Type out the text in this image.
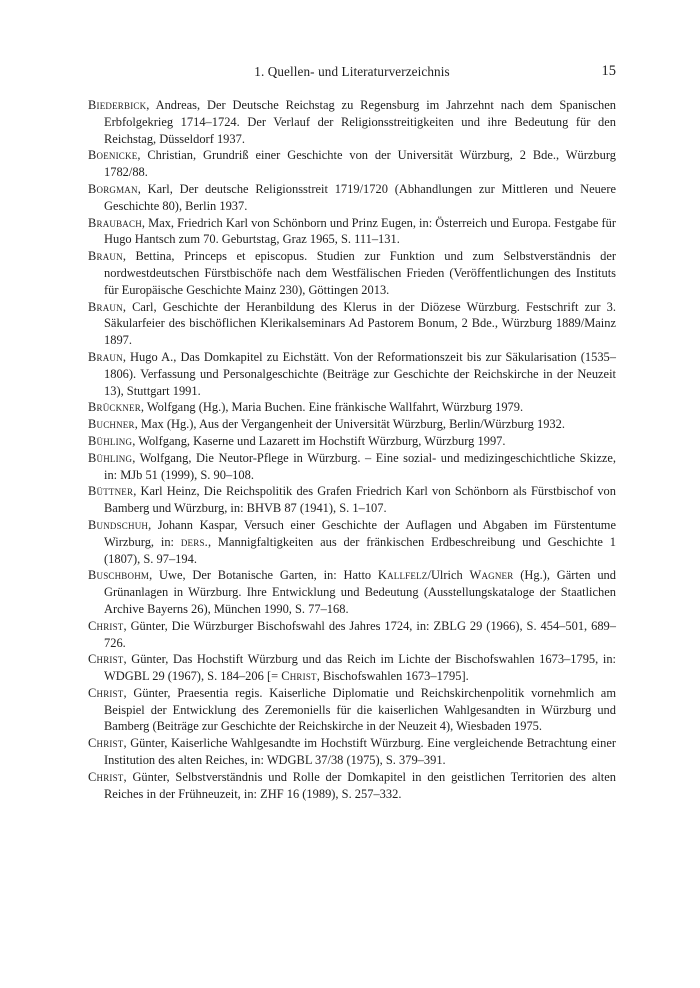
1. Quellen- und Literaturverzeichnis	15

Biederbick, Andreas, Der Deutsche Reichstag zu Regensburg im Jahrzehnt nach dem Spanischen Erbfolgekrieg 1714–1724. Der Verlauf der Religionsstreitigkeiten und ihre Bedeutung für den Reichstag, Düsseldorf 1937.

Boenicke, Christian, Grundriß einer Geschichte von der Universität Würzburg, 2 Bde., Würzburg 1782/88.

Borgman, Karl, Der deutsche Religionsstreit 1719/1720 (Abhandlungen zur Mittleren und Neuere Geschichte 80), Berlin 1937.

Braubach, Max, Friedrich Karl von Schönborn und Prinz Eugen, in: Österreich und Europa. Festgabe für Hugo Hantsch zum 70. Geburtstag, Graz 1965, S. 111–131.

Braun, Bettina, Princeps et episcopus. Studien zur Funktion und zum Selbstverständnis der nordwestdeutschen Fürstbischöfe nach dem Westfälischen Frieden (Veröffentlichungen des Instituts für Europäische Geschichte Mainz 230), Göttingen 2013.

Braun, Carl, Geschichte der Heranbildung des Klerus in der Diözese Würzburg. Festschrift zur 3. Säkularfeier des bischöflichen Klerikalseminars Ad Pastorem Bonum, 2 Bde., Würzburg 1889/Mainz 1897.

Braun, Hugo A., Das Domkapitel zu Eichstätt. Von der Reformationszeit bis zur Säkularisation (1535–1806). Verfassung und Personalgeschichte (Beiträge zur Geschichte der Reichskirche in der Neuzeit 13), Stuttgart 1991.

Brückner, Wolfgang (Hg.), Maria Buchen. Eine fränkische Wallfahrt, Würzburg 1979.

Buchner, Max (Hg.), Aus der Vergangenheit der Universität Würzburg, Berlin/Würzburg 1932.

Bühling, Wolfgang, Kaserne und Lazarett im Hochstift Würzburg, Würzburg 1997.

Bühling, Wolfgang, Die Neutor-Pflege in Würzburg. – Eine sozial- und medizingeschichtliche Skizze, in: MJb 51 (1999), S. 90–108.

Büttner, Karl Heinz, Die Reichspolitik des Grafen Friedrich Karl von Schönborn als Fürstbischof von Bamberg und Würzburg, in: BHVB 87 (1941), S. 1–107.

Bundschuh, Johann Kaspar, Versuch einer Geschichte der Auflagen und Abgaben im Fürstentume Wirzburg, in: ders., Mannigfaltigkeiten aus der fränkischen Erdbeschreibung und Geschichte 1 (1807), S. 97–194.

Buschbohm, Uwe, Der Botanische Garten, in: Hatto Kallfelz/Ulrich Wagner (Hg.), Gärten und Grünanlagen in Würzburg. Ihre Entwicklung und Bedeutung (Ausstellungskataloge der Staatlichen Archive Bayerns 26), München 1990, S. 77–168.

Christ, Günter, Die Würzburger Bischofswahl des Jahres 1724, in: ZBLG 29 (1966), S. 454–501, 689–726.

Christ, Günter, Das Hochstift Würzburg und das Reich im Lichte der Bischofswahlen 1673–1795, in: WDGBL 29 (1967), S. 184–206 [= Christ, Bischofswahlen 1673–1795].

Christ, Günter, Praesentia regis. Kaiserliche Diplomatie und Reichskirchenpolitik vornehmlich am Beispiel der Entwicklung des Zeremoniells für die kaiserlichen Wahlgesandten in Würzburg und Bamberg (Beiträge zur Geschichte der Reichskirche in der Neuzeit 4), Wiesbaden 1975.

Christ, Günter, Kaiserliche Wahlgesandte im Hochstift Würzburg. Eine vergleichende Betrachtung einer Institution des alten Reiches, in: WDGBL 37/38 (1975), S. 379–391.

Christ, Günter, Selbstverständnis und Rolle der Domkapitel in den geistlichen Territorien des alten Reiches in der Frühneuzeit, in: ZHF 16 (1989), S. 257–332.
